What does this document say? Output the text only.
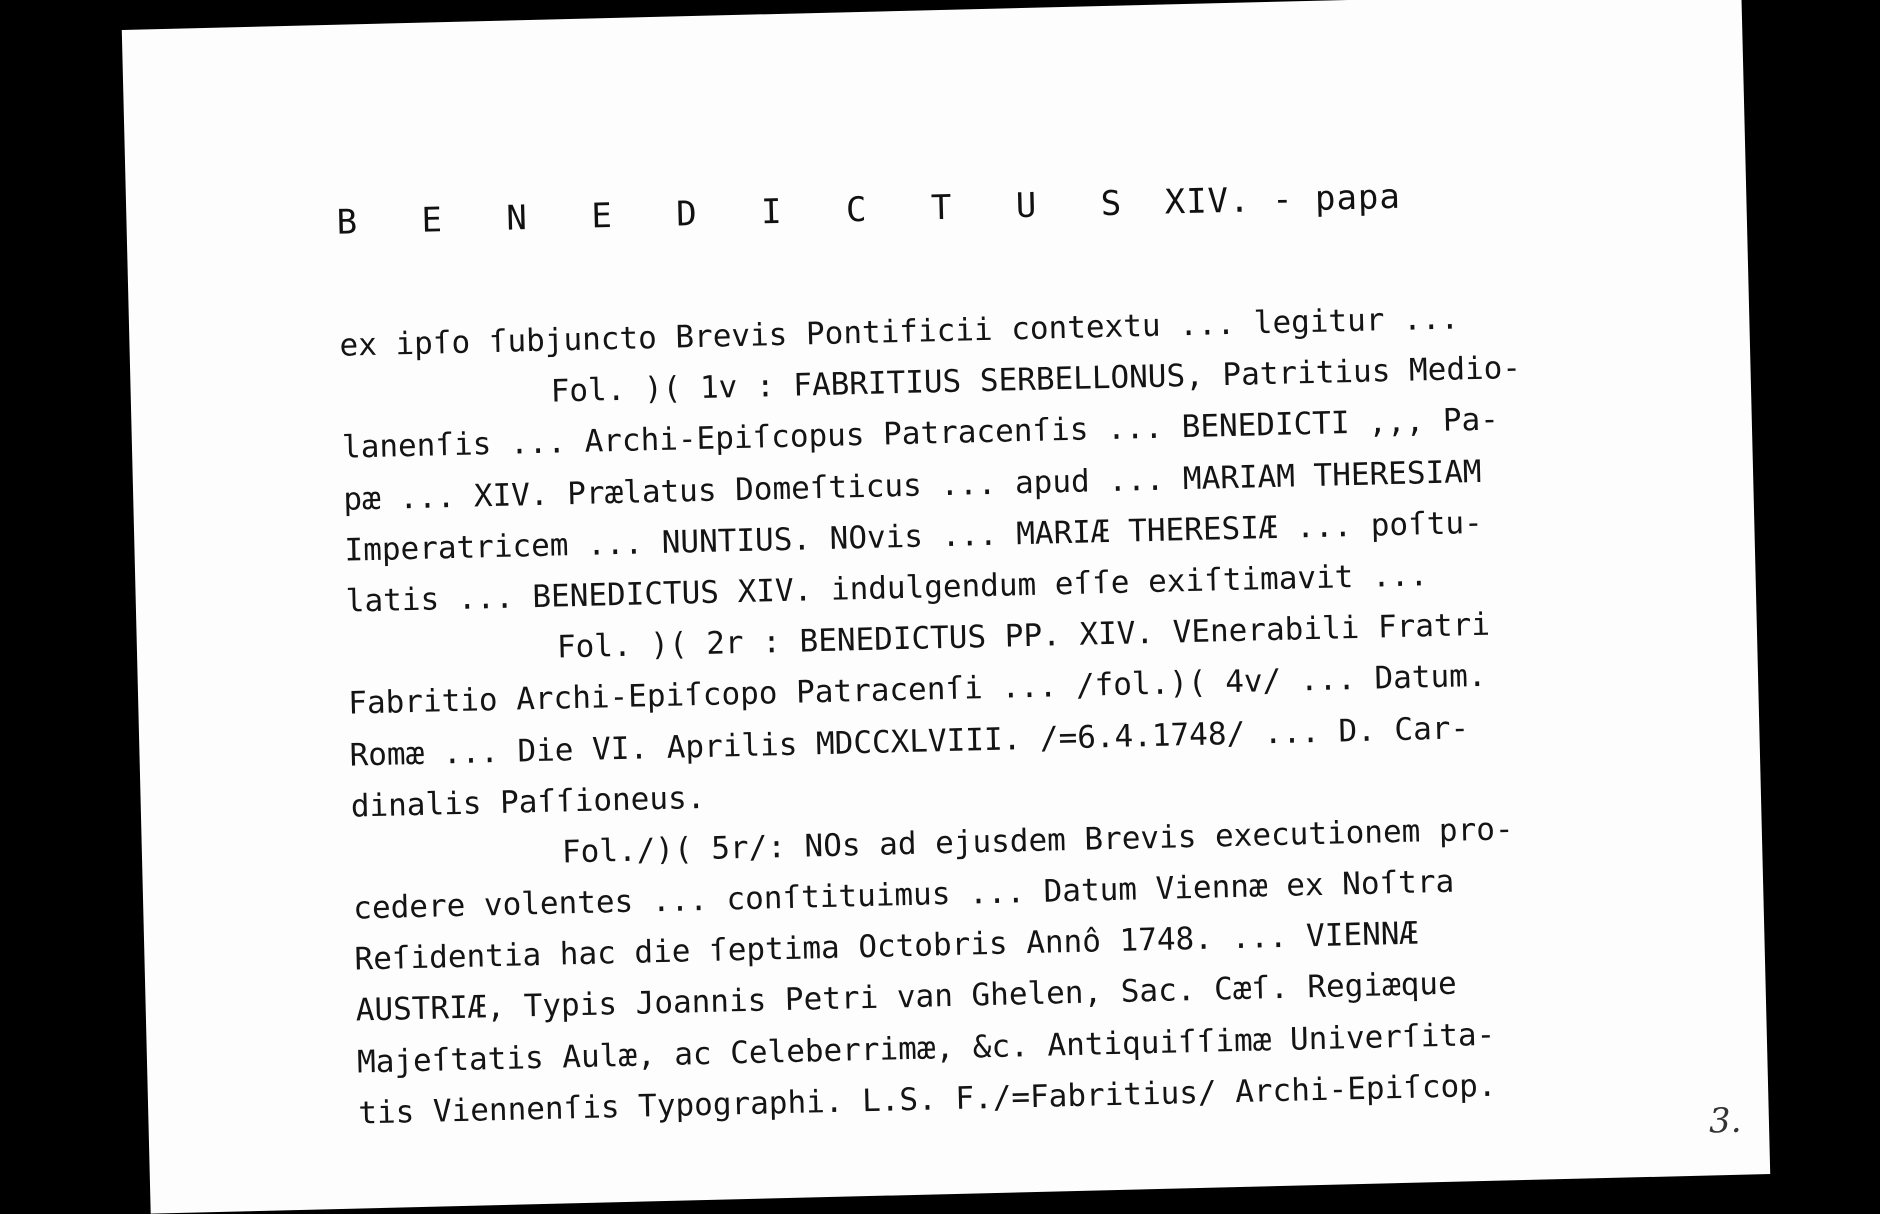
B E N E D I C T U S XIV. - papa
ex ipſo ſubjuncto Brevis Pontificii contextu ... legitur ...
Fol. )( 1v : FABRITIUS SERBELLONUS, Patritius Medio-
lanenſis ... Archi-Epiſcopus Patracenſis ... BENEDICTI ,,, Pa-
pæ ... XIV. Prælatus Domeſticus ... apud ... MARIAM THERESIAM
Imperatricem ... NUNTIUS. NOvis ... MARIÆ THERESIÆ ... poſtu-
latis ... BENEDICTUS XIV. indulgendum eſſe exiſtimavit ...
Fol. )( 2r : BENEDICTUS PP. XIV. VEnerabili Fratri
Fabritio Archi-Epiſcopo Patracenſi ... /fol.)( 4v/ ... Datum.
Romæ ... Die VI. Aprilis MDCCXLVIII. /=6.4.1748/ ... D. Car-
dinalis Paſſioneus.
Fol./)( 5r/: NOs ad ejusdem Brevis executionem pro-
cedere volentes ... conſtituimus ... Datum Viennæ ex Noſtra
Reſidentia hac die ſeptima Octobris Annô 1748. ... VIENNÆ
AUSTRIÆ, Typis Joannis Petri van Ghelen, Sac. Cæſ. Regiæque
Majeſtatis Aulæ, ac Celeberrimæ, &c. Antiquiſſimæ Univerſita-
tis Viennenſis Typographi. L.S. F./=Fabritius/ Archi-Epiſcop.	3.
